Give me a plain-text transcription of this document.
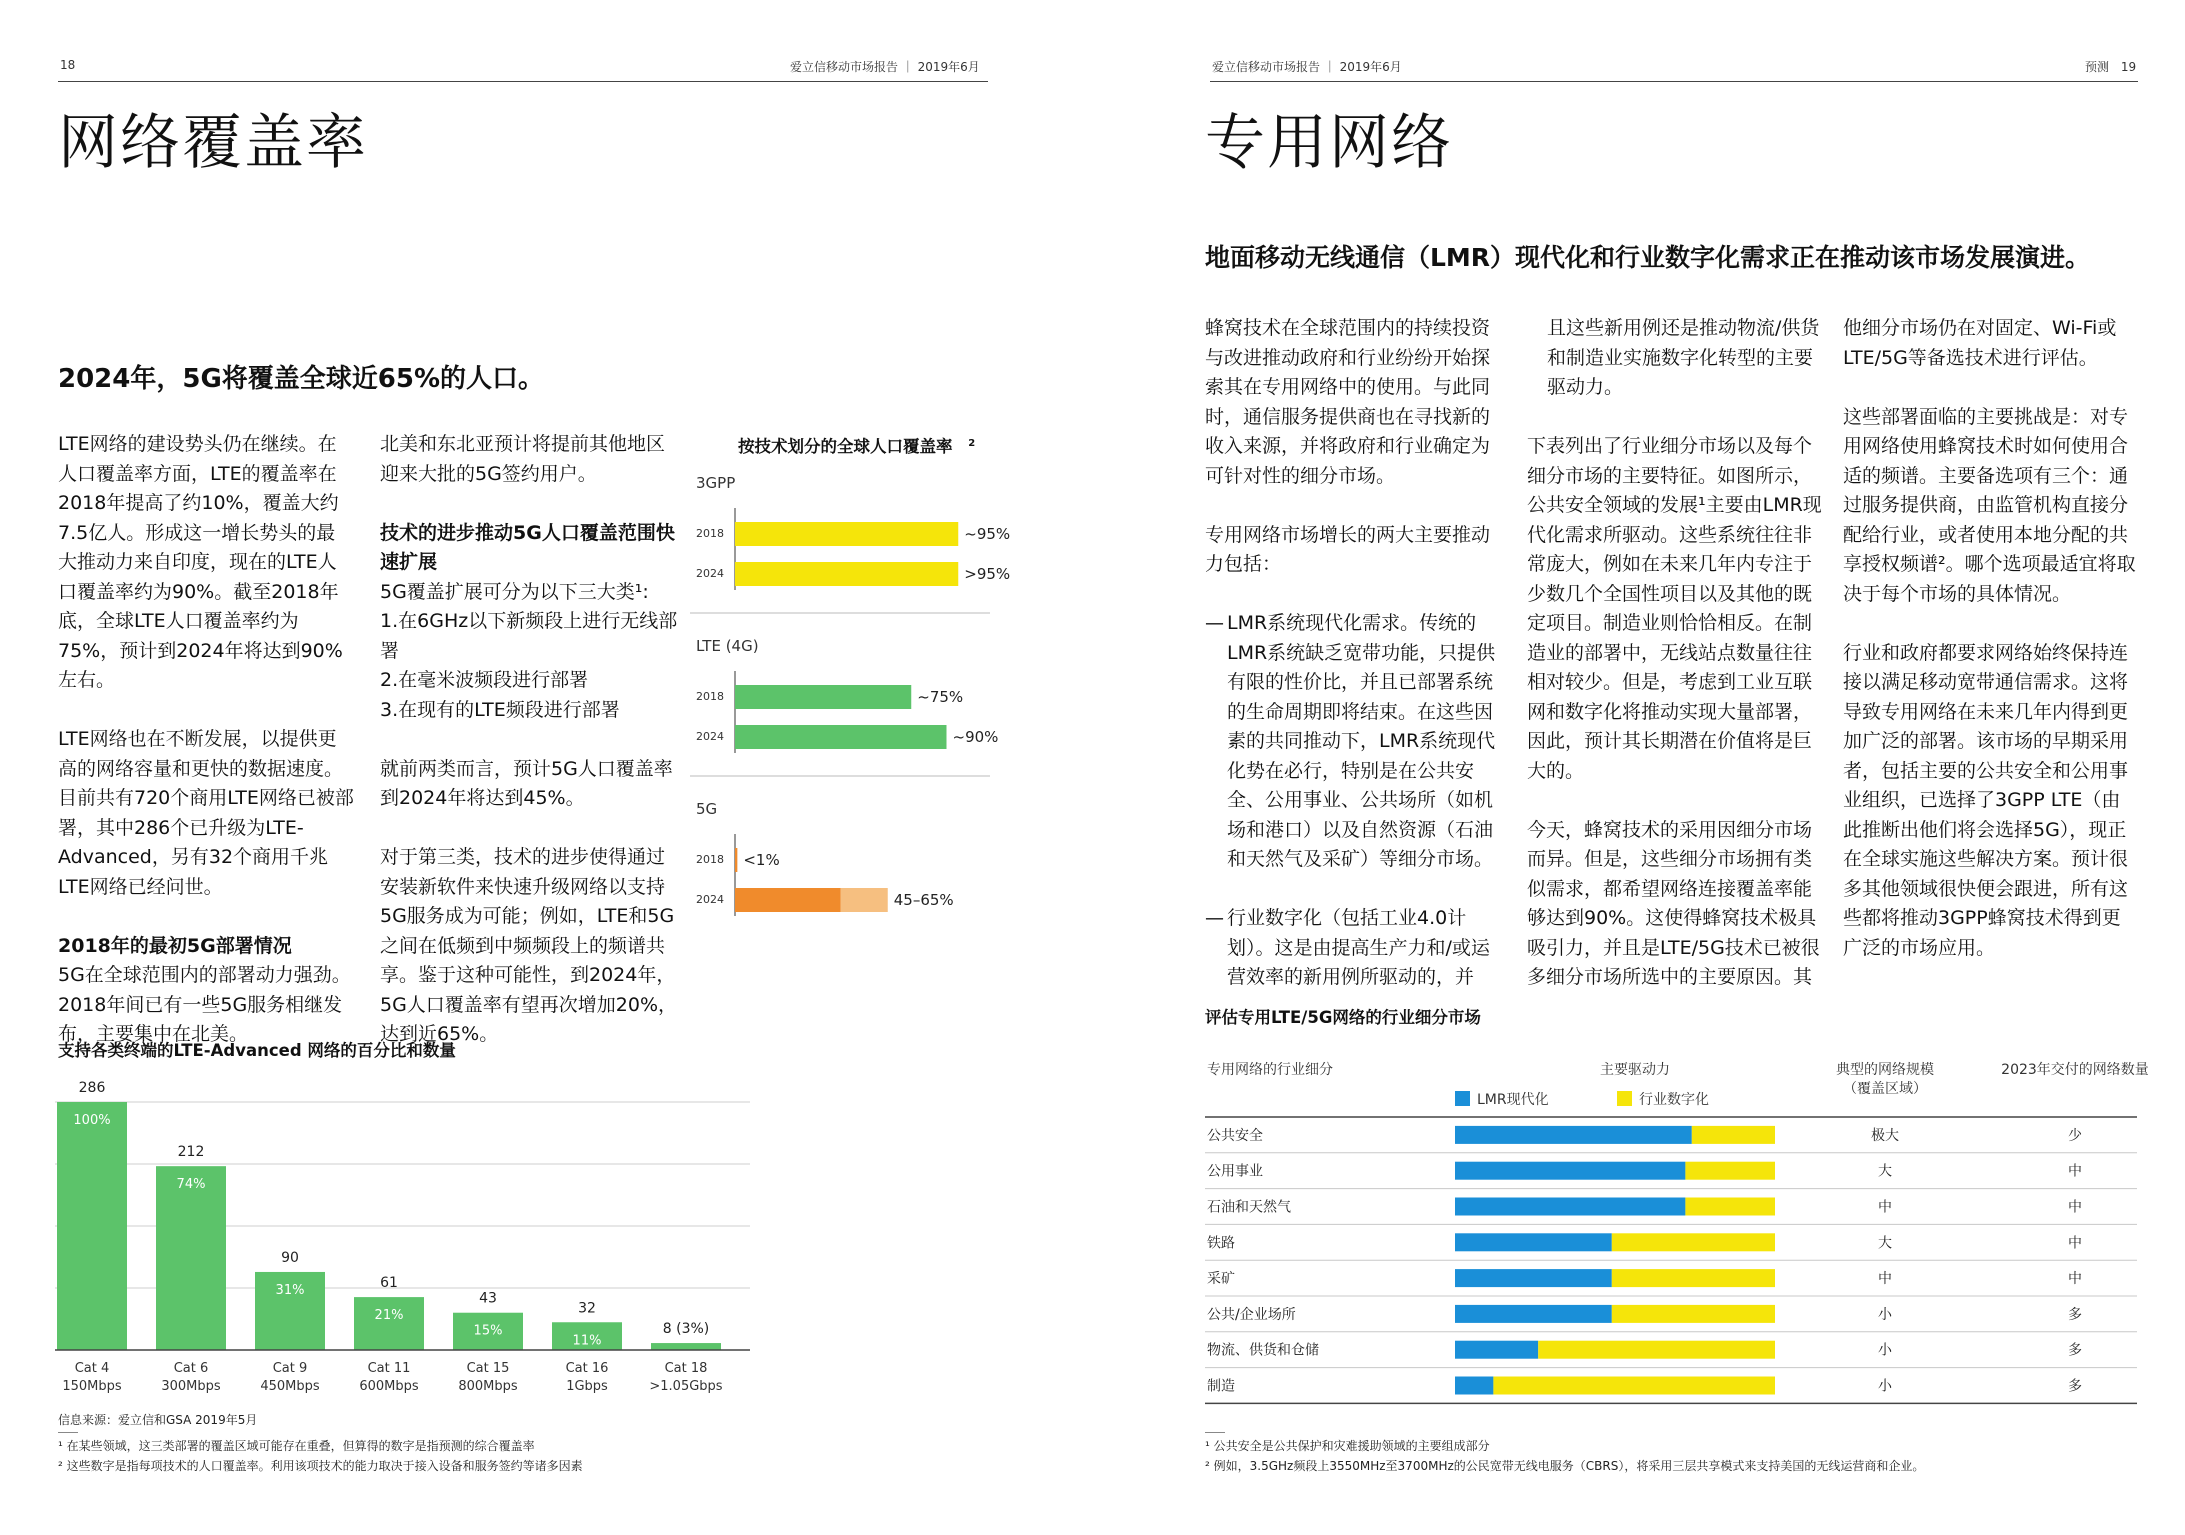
18	爱立信移动市场报告 ｜ 2019年6月
网络覆盖率
2024年，5G将覆盖全球近65%的人口。

LTE网络的建设势头仍在继续。在人口覆盖率方面，LTE的覆盖率在2018年提高了约10%，覆盖大约7.5亿人。形成这一增长势头的最大推动力来自印度，现在的LTE人口覆盖率约为90%。截至2018年底，全球LTE人口覆盖率约为75%，预计到2024年将达到90%左右。

LTE网络也在不断发展，以提供更高的网络容量和更快的数据速度。目前共有720个商用LTE网络已被部署，其中286个已升级为LTE-Advanced，另有32个商用千兆LTE网络已经问世。

2018年的最初5G部署情况

5G在全球范围内的部署动力强劲。2018年间已有一些5G服务相继发布，主要集中在北美。

北美和东北亚预计将提前其他地区迎来大批的5G签约用户。

技术的进步推动5G人口覆盖范围快速扩展
5G覆盖扩展可分为以下三大类¹:
1.在6GHz以下新频段上进行无线部署
2.在毫米波频段进行部署
3.在现有的LTE频段进行部署

就前两类而言，预计5G人口覆盖率到2024年将达到45%。

对于第三类，技术的进步使得通过安装新软件来快速升级网络以支持5G服务成为可能；例如，LTE和5G之间在低频到中频频段上的频谱共享。鉴于这种可能性，到2024年，5G人口覆盖率有望再次增加20%，达到近65%。

按技术划分的全球人口覆盖率 $^2$
3GPP
2018	~95%
2024	>95%
LTE (4G)
2018	~75%
2024	~90%
5G
2018 <1%
2024	45–65%
支持各类终端的LTE-Advanced 网络的百分比和数量
286
100%
Cat 4
150Mbps
212
74%
Cat 6
300Mbps
90
31%
Cat 9
450Mbps
61
21%
Cat 11
600Mbps
43
15%
Cat 15
800Mbps
32
11%
Cat 16
1Gbps
8 (3%)
Cat 18
>1.05Gbps
信息来源：爱立信和GSA 2019年5月
¹ 在某些领域，这三类部署的覆盖区域可能存在重叠，但算得的数字是指预测的综合覆盖率
² 这些数字是指每项技术的人口覆盖率。利用该项技术的能力取决于接入设备和服务签约等诸多因素
爱立信移动市场报告 ｜ 2019年6月	预测 19
专用网络
地面移动无线通信（LMR）现代化和行业数字化需求正在推动该市场发展演进。

蜂窝技术在全球范围内的持续投资与改进推动政府和行业纷纷开始探索其在专用网络中的使用。与此同时，通信服务提供商也在寻找新的收入来源，并将政府和行业确定为可针对性的细分市场。

专用网络市场增长的两大主要推动力包括：

— LMR系统现代化需求。传统的LMR系统缺乏宽带功能，只提供有限的性价比，并且已部署系统的生命周期即将结束。在这些因素的共同推动下，LMR系统现代化势在必行，特别是在公共安全、公用事业、公共场所（如机场和港口）以及自然资源（石油和天然气及采矿）等细分市场。

— 行业数字化（包括工业4.0计划）。这是由提高生产力和/或运营效率的新用例所驱动的，并

且这些新用例还是推动物流/供货和制造业实施数字化转型的主要驱动力。

下表列出了行业细分市场以及每个细分市场的主要特征。如图所示，公共安全领域的发展¹主要由LMR现代化需求所驱动。这些系统往往非常庞大，例如在未来几年内专注于少数几个全国性项目以及其他的既定项目。制造业则恰恰相反。在制造业的部署中，无线站点数量往往相对较少。但是，考虑到工业互联网和数字化将推动实现大量部署，因此，预计其长期潜在价值将是巨大的。

今天，蜂窝技术的采用因细分市场而异。但是，这些细分市场拥有类似需求，都希望网络连接覆盖率能够达到90%。这使得蜂窝技术极具吸引力，并且是LTE/5G技术已被很多细分市场所选中的主要原因。其

他细分市场仍在对固定、Wi-Fi或LTE/5G等备选技术进行评估。

这些部署面临的主要挑战是：对专用网络使用蜂窝技术时如何使用合适的频谱。主要备选项有三个：通过服务提供商，由监管机构直接分配给行业，或者使用本地分配的共享授权频谱²。哪个选项最适宜将取决于每个市场的具体情况。

行业和政府都要求网络始终保持连接以满足移动宽带通信需求。这将导致专用网络在未来几年内得到更加广泛的部署。该市场的早期采用者，包括主要的公共安全和公用事业组织，已选择了3GPP LTE（由此推断出他们将会选择5G），现正在全球实施这些解决方案。预计很多其他领域很快便会跟进，所有这些都将推动3GPP蜂窝技术得到更广泛的市场应用。

评估专用LTE/5G网络的行业细分市场
专用网络的行业细分	主要驱动力	典型的网络规模
（覆盖区域）
2023年交付的网络数量
LMR现代化	行业数字化
公共安全	极大	少
公用事业	大	中
石油和天然气	中	中
铁路	大	中
采矿	中	中
公共/企业场所	小	多
物流、供货和仓储	小	多
制造	小	多
¹ 公共安全是公共保护和灾难援助领域的主要组成部分
² 例如，3.5GHz频段上3550MHz至3700MHz的公民宽带无线电服务（CBRS），将采用三层共享模式来支持美国的无线运营商和企业。
